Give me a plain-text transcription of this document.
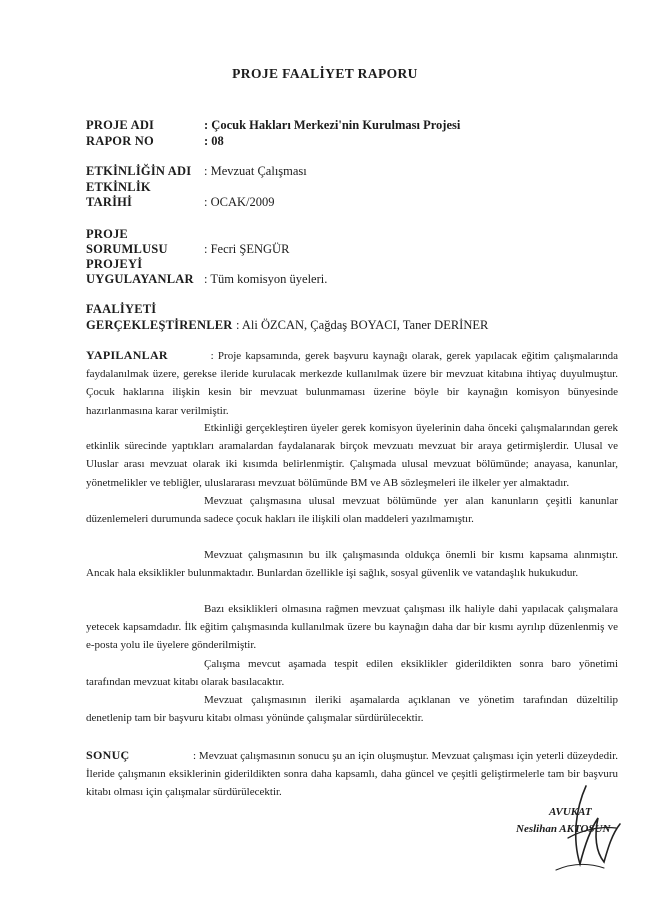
PROJE FAALİYET RAPORU
PROJE ADI	: Çocuk Hakları Merkezi'nin Kurulması Projesi
RAPOR NO	: 08
ETKİNLİĞİN ADI : Mevzuat Çalışması
ETKİNLİK
TARİHİ	: OCAK/2009
PROJE
SORUMLUSU	: Fecri ŞENGÜR
PROJEYİ
UYGULAYANLAR : Tüm komisyon üyeleri.
FAALİYETİ
GERÇEKLEŞTİRENLER : Ali ÖZCAN, Çağdaş BOYACI, Taner DERİNER

YAPILANLAR	: Proje kapsamında, gerek başvuru kaynağı olarak, gerek yapılacak eğitim çalışmalarında faydalanılmak üzere, gerekse ileride kurulacak merkezde kullanılmak üzere bir mevzuat kitabına ihtiyaç duyulmuştur. Çocuk haklarına ilişkin kesin bir mevzuat bulunmaması üzerine böyle bir kaynağın komisyon bünyesinde hazırlanmasına karar verilmiştir.

Etkinliği gerçekleştiren üyeler gerek komisyon üyelerinin daha önceki çalışmalarından gerek etkinlik sürecinde yaptıkları aramalardan faydalanarak birçok mevzuatı mevzuat bir araya getirmişlerdir. Ulusal ve Uluslar arası mevzuat olarak iki kısımda belirlenmiştir. Çalışmada ulusal mevzuat bölümünde; anayasa, kanunlar, yönetmelikler ve tebliğler, uluslararası mevzuat bölümünde BM ve AB sözleşmeleri ile ilkeler yer almaktadır.

Mevzuat çalışmasına ulusal mevzuat bölümünde yer alan kanunların çeşitli kanunlar düzenlemeleri durumunda sadece çocuk hakları ile ilişkili olan maddeleri yazılmamıştır.

Mevzuat çalışmasının bu ilk çalışmasında oldukça önemli bir kısmı kapsama alınmıştır. Ancak hala eksiklikler bulunmaktadır. Bunlardan özellikle işi sağlık, sosyal güvenlik ve vatandaşlık hukukudur.

Bazı eksiklikleri olmasına rağmen mevzuat çalışması ilk haliyle dahi yapılacak çalışmalara yetecek kapsamdadır. İlk eğitim çalışmasında kullanılmak üzere bu kaynağın daha dar bir kısmı ayrılıp düzenlenmiş ve e-posta yolu ile üyelere gönderilmiştir.

Çalışma mevcut aşamada tespit edilen eksiklikler giderildikten sonra baro yönetimi tarafından mevzuat kitabı olarak basılacaktır.

Mevzuat çalışmasının ileriki aşamalarda açıklanan ve yönetim tarafından düzeltilip denetlenip tam bir başvuru kitabı olması yönünde çalışmalar sürdürülecektir.

SONUÇ	: Mevzuat çalışmasının sonucu şu an için oluşmuştur. Mevzuat çalışması için yeterli düzeydedir. İleride çalışmanın eksiklerinin giderildikten sonra daha kapsamlı, daha güncel ve çeşitli geliştirmelerle tam bir başvuru kitabı olması için çalışmalar sürdürülecektir.

AVUKAT
Neslihan AKTOSUN
